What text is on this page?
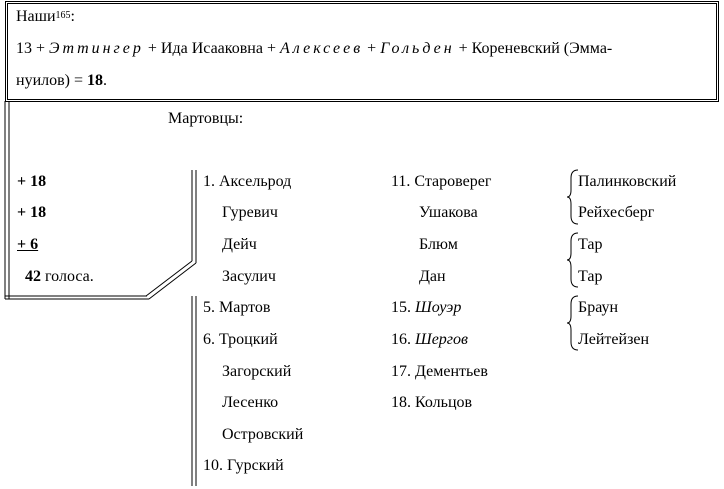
Наши$^{165}$:
13 + Эттингер + Ида Исааковна + Алексеев + Гольден + Кореневский (Эмма-
нуилов) = 18.
Мартовцы:
+ 18
+ 18
+ 6
42 голоса.
1. Аксельрод
Гуревич
Дейч
Засулич
5. Мартов
6. Троцкий
Загорский
Лесенко
Островский
10. Гурский
11. Староверег
Ушакова
Блюм
Дан
15. Шоуэр
16. Шергов
17. Дементьев
18. Кольцов
Палинковский
Рейхесберг
Тар
Тар
Браун
Лейтейзен
